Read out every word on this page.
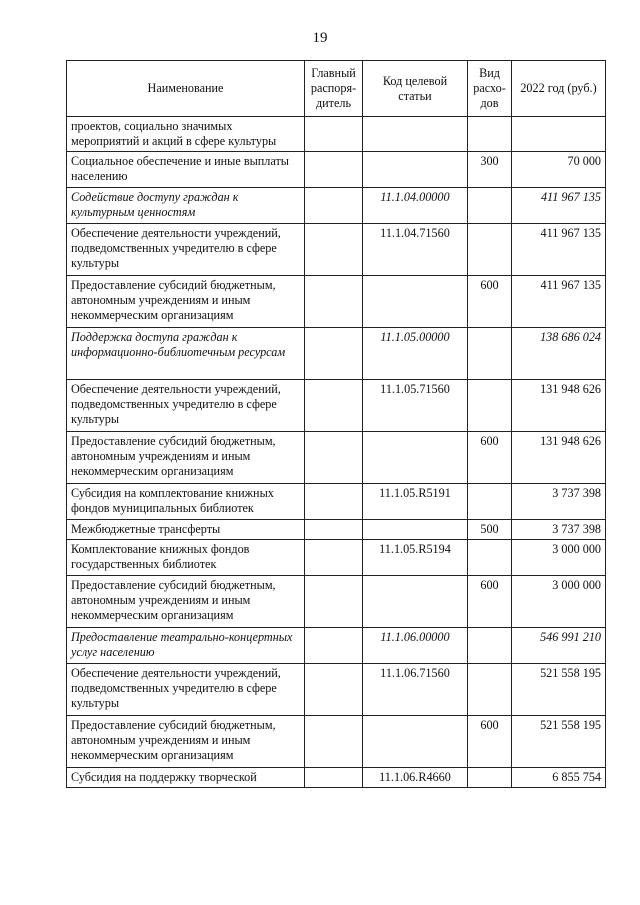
19
Наименование	Главный распоря-дитель	Код целевой статьи	Вид расхо-дов	2022 год (руб.)
проектов, социально значимых мероприятий и акций в сфере культуры				
Социальное обеспечение и иные выплаты населению			300	70 000
Содействие доступу граждан к культурным ценностям		11.1.04.00000		411 967 135
Обеспечение деятельности учреждений, подведомственных учредителю в сфере культуры		11.1.04.71560		411 967 135
Предоставление субсидий бюджетным, автономным учреждениям и иным некоммерческим организациям			600	411 967 135
Поддержка доступа граждан к информационно-библиотечным ресурсам		11.1.05.00000		138 686 024
Обеспечение деятельности учреждений, подведомственных учредителю в сфере культуры		11.1.05.71560		131 948 626
Предоставление субсидий бюджетным, автономным учреждениям и иным некоммерческим организациям			600	131 948 626
Субсидия на комплектование книжных фондов муниципальных библиотек		11.1.05.R5191		3 737 398
Межбюджетные трансферты			500	3 737 398
Комплектование книжных фондов государственных библиотек		11.1.05.R5194		3 000 000
Предоставление субсидий бюджетным, автономным учреждениям и иным некоммерческим организациям			600	3 000 000
Предоставление театрально-концертных услуг населению		11.1.06.00000		546 991 210
Обеспечение деятельности учреждений, подведомственных учредителю в сфере культуры		11.1.06.71560		521 558 195
Предоставление субсидий бюджетным, автономным учреждениям и иным некоммерческим организациям			600	521 558 195
Субсидия на поддержку творческой		11.1.06.R4660		6 855 754
